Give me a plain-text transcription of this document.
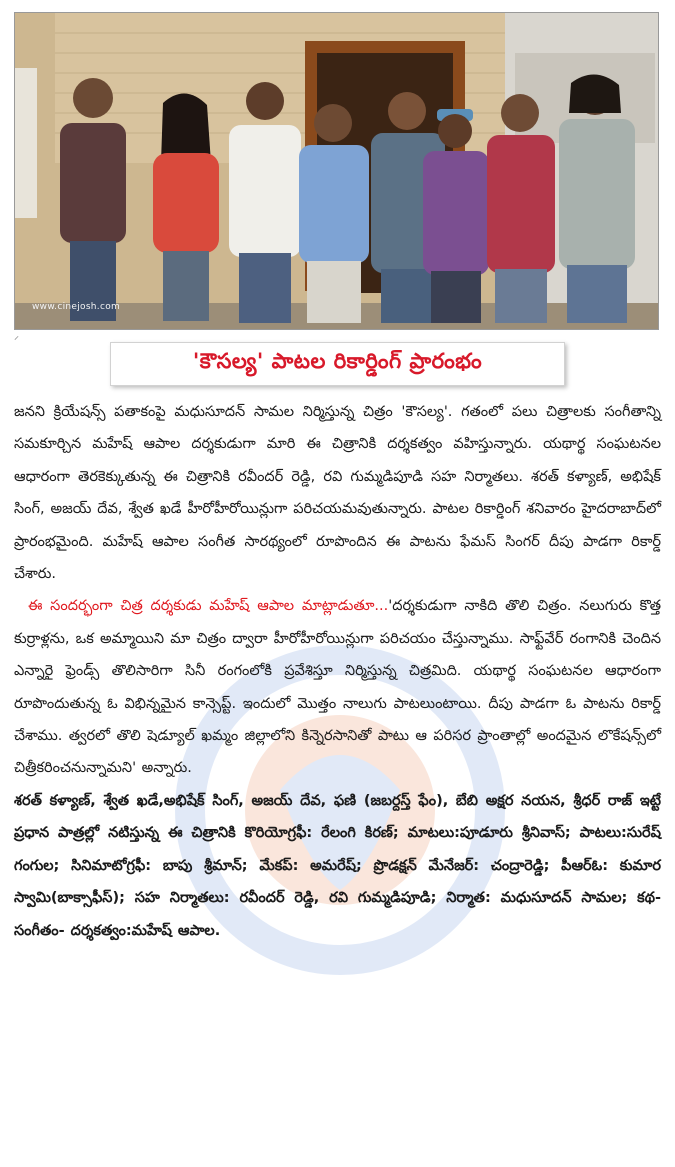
www.cinejosh.com
⸝
'కౌసల్య' పాటల రికార్డింగ్ ప్రారంభం

జనని క్రియేషన్స్ పతాకంపై మధుసూదన్ సామల నిర్మిస్తున్న చిత్రం 'కౌసల్య'. గతంలో పలు చిత్రాలకు సంగీతాన్ని సమకూర్చిన మహేష్ ఆపాల దర్శకుడుగా మారి ఈ చిత్రానికి దర్శకత్వం వహిస్తున్నారు. యథార్థ సంఘటనల ఆధారంగా తెరకెక్కుతున్న ఈ చిత్రానికి రవీందర్ రెడ్డి, రవి గుమ్మడిపూడి సహ నిర్మాతలు. శరత్ కళ్యాణ్, అభిషేక్ సింగ్, అజయ్ దేవ, శ్వేత ఖడే హీరోహీరోయిన్లుగా పరిచయమవుతున్నారు. పాటల రికార్డింగ్ శనివారం హైదరాబాద్‌లో ప్రారంభమైంది. మహేష్ ఆపాల సంగీత సారథ్యంలో రూపొందిన ఈ పాటను ఫేమస్ సింగర్ దీపు పాడగా రికార్డ్ చేశారు.

ఈ సందర్భంగా చిత్ర దర్శకుడు మహేష్ ఆపాల మాట్లాడుతూ...'దర్శకుడుగా నాకిది తొలి చిత్రం. నలుగురు కొత్త కుర్రాళ్లను, ఒక అమ్మాయిని మా చిత్రం ద్వారా హీరోహీరోయిన్లుగా పరిచయం చేస్తున్నాము. సాఫ్ట్‌వేర్ రంగానికి చెందిన ఎన్నారై ఫ్రెండ్స్ తొలిసారిగా సినీ రంగంలోకి ప్రవేశిస్తూ నిర్మిస్తున్న చిత్రమిది. యథార్థ సంఘటనల ఆధారంగా రూపొందుతున్న ఓ విభిన్నమైన కాన్సెప్ట్. ఇందులో మొత్తం నాలుగు పాటలుంటాయి. దీపు పాడగా ఓ పాటను రికార్డ్ చేశాము. త్వరలో తొలి షెడ్యూల్ ఖమ్మం జిల్లాలోని కిన్నెరసానితో పాటు ఆ పరిసర ప్రాంతాల్లో అందమైన లొకేషన్స్‌లో చిత్రీకరించనున్నామని' అన్నారు.

శరత్ కళ్యాణ్, శ్వేత ఖడే,అభిషేక్ సింగ్, అజయ్ దేవ, ఫణి (జబర్దస్త్ ఫేం), బేబి అక్షర నయన, శ్రీధర్ రాజ్ ఇట్టే ప్రధాన పాత్రల్లో నటిస్తున్న ఈ చిత్రానికి కొరియోగ్రఫీ: రేలంగి కిరణ్; మాటలు:పూడూరు శ్రీనివాస్; పాటలు:సురేష్ గంగుల; సినిమాటోగ్రఫీ: బాపు శ్రీమాన్; మేకప్: అమరేష్; ప్రొడక్షన్ మేనేజర్: చంద్రారెడ్డి; పీఆర్ఓ: కుమార స్వామి(బాక్సాఫీస్); సహ నిర్మాతలు: రవీందర్ రెడ్డి, రవి గుమ్మడిపూడి; నిర్మాత: మధుసూదన్ సామల; కథ- సంగీతం- దర్శకత్వం:మహేష్ ఆపాల.
